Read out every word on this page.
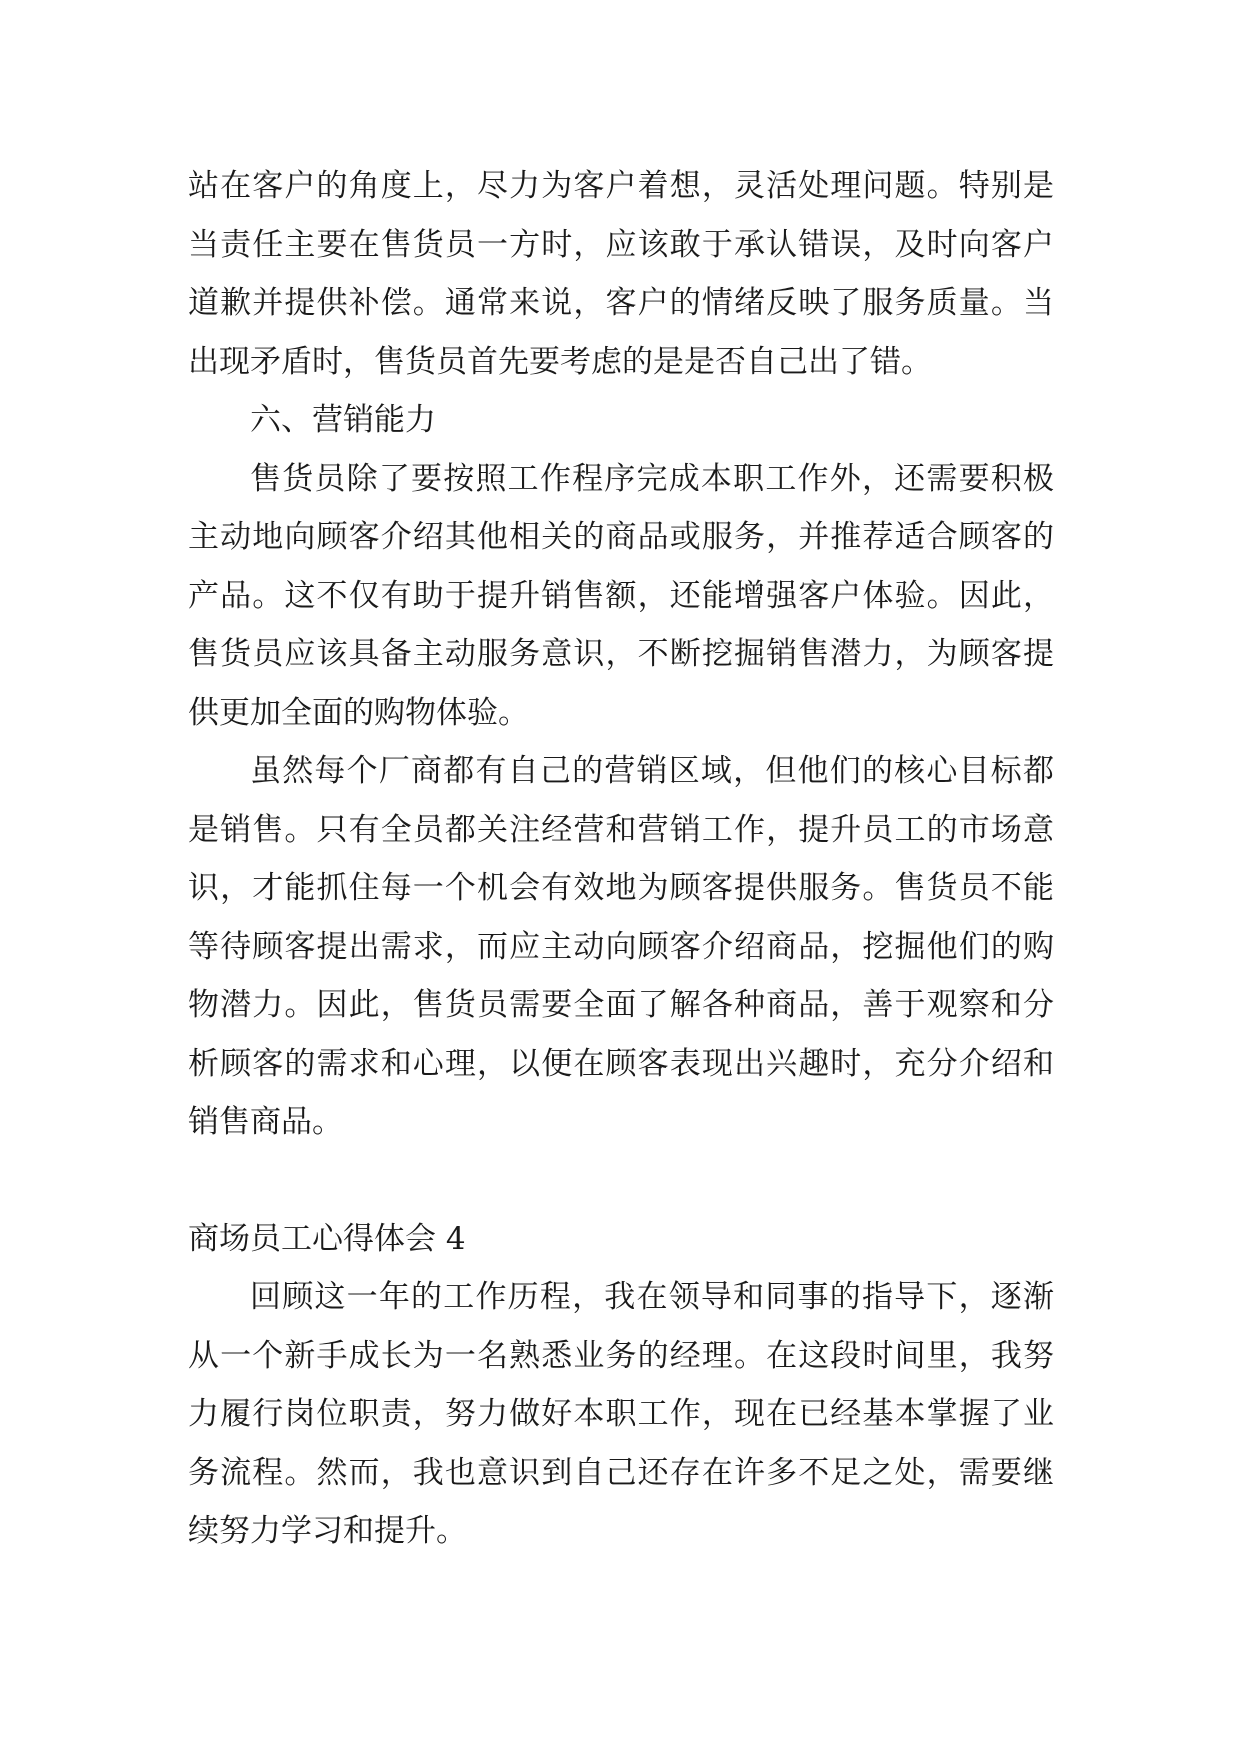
站在客户的角度上，尽力为客户着想，灵活处理问题。特别是当责任主要在售货员一方时，应该敢于承认错误，及时向客户道歉并提供补偿。通常来说，客户的情绪反映了服务质量。当出现矛盾时，售货员首先要考虑的是是否自己出了错。

六、营销能力

售货员除了要按照工作程序完成本职工作外，还需要积极主动地向顾客介绍其他相关的商品或服务，并推荐适合顾客的产品。这不仅有助于提升销售额，还能增强客户体验。因此，售货员应该具备主动服务意识，不断挖掘销售潜力，为顾客提供更加全面的购物体验。

虽然每个厂商都有自己的营销区域，但他们的核心目标都是销售。只有全员都关注经营和营销工作，提升员工的市场意识，才能抓住每一个机会有效地为顾客提供服务。售货员不能等待顾客提出需求，而应主动向顾客介绍商品，挖掘他们的购物潜力。因此，售货员需要全面了解各种商品，善于观察和分析顾客的需求和心理，以便在顾客表现出兴趣时，充分介绍和销售商品。

商场员工心得体会 4

回顾这一年的工作历程，我在领导和同事的指导下，逐渐从一个新手成长为一名熟悉业务的经理。在这段时间里，我努力履行岗位职责，努力做好本职工作，现在已经基本掌握了业务流程。然而，我也意识到自己还存在许多不足之处，需要继续努力学习和提升。
